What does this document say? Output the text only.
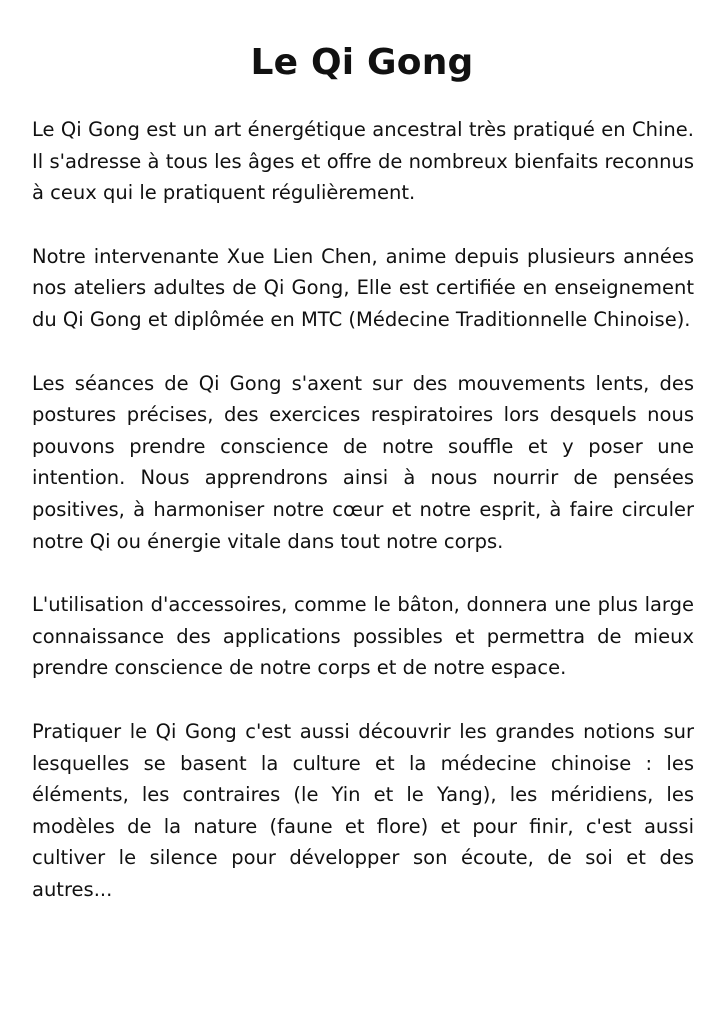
Le Qi Gong

Le Qi Gong est un art énergétique ancestral très pratiqué en Chine. Il s'adresse à tous les âges et offre de nombreux bienfaits reconnus à ceux qui le pratiquent régulièrement.

Notre intervenante Xue Lien Chen, anime depuis plusieurs années nos ateliers adultes de Qi Gong, Elle est certifiée en enseignement du Qi Gong et diplômée en MTC (Médecine Traditionnelle Chinoise).

Les séances de Qi Gong s'axent sur des mouvements lents, des postures précises, des exercices respiratoires lors desquels nous pouvons prendre conscience de notre souffle et y poser une intention. Nous apprendrons ainsi à nous nourrir de pensées positives, à harmoniser notre cœur et notre esprit, à faire circuler notre Qi ou énergie vitale dans tout notre corps.

L'utilisation d'accessoires, comme le bâton, donnera une plus large connaissance des applications possibles et permettra de mieux prendre conscience de notre corps et de notre espace.

Pratiquer le Qi Gong c'est aussi découvrir les grandes notions sur lesquelles se basent la culture et la médecine chinoise : les éléments, les contraires (le Yin et le Yang), les méridiens, les modèles de la nature (faune et flore) et pour finir, c'est aussi cultiver le silence pour développer son écoute, de soi et des autres...
